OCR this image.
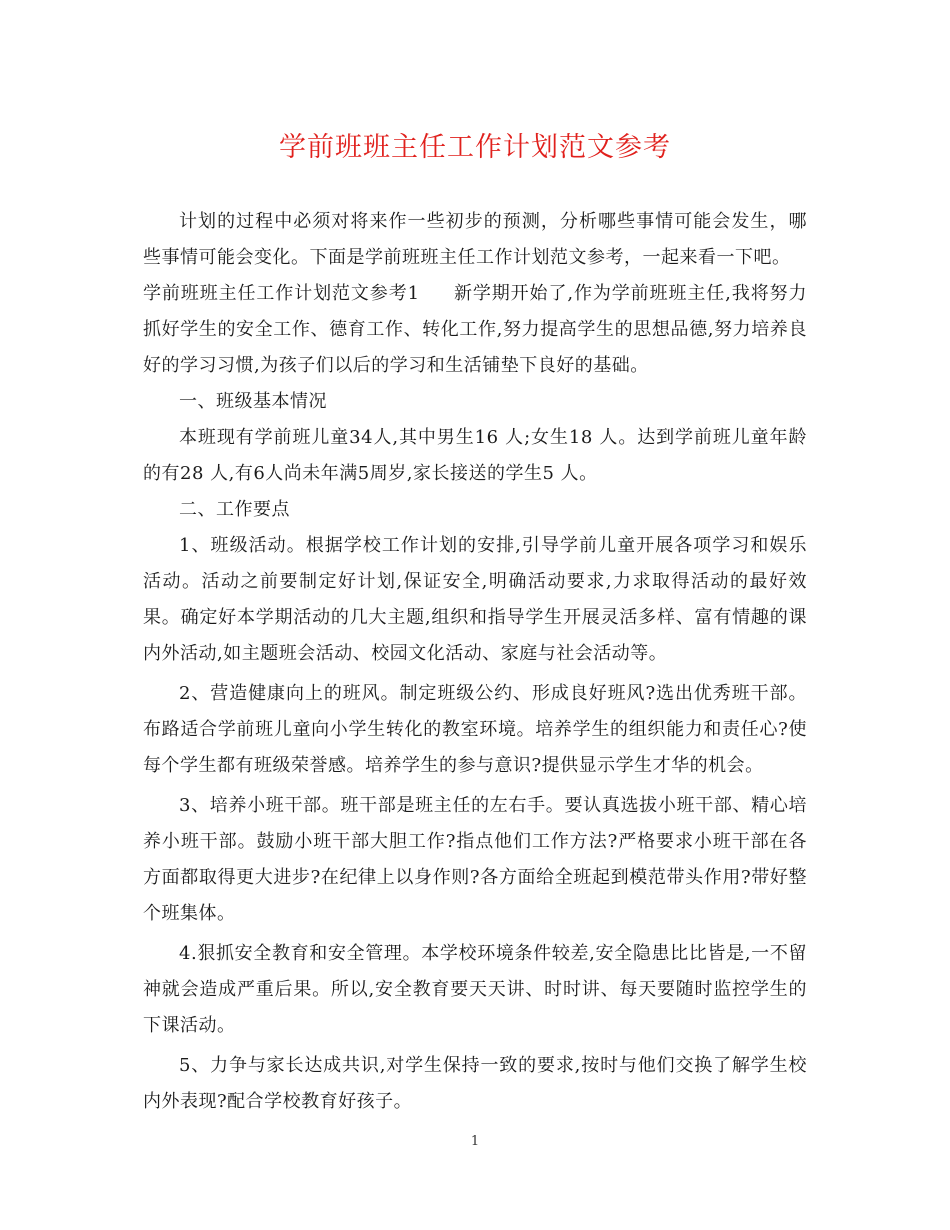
学前班班主任工作计划范文参考

计划的过程中必须对将来作一些初步的预测，分析哪些事情可能会发生，哪些事情可能会变化。下面是学前班班主任工作计划范文参考，一起来看一下吧。

学前班班主任工作计划范文参考1 新学期开始了,作为学前班班主任,我将努力抓好学生的安全工作、德育工作、转化工作,努力提高学生的思想品德,努力培养良好的学习习惯,为孩子们以后的学习和生活铺垫下良好的基础。

一、班级基本情况

本班现有学前班儿童34人,其中男生16 人;女生18 人。达到学前班儿童年龄的有28 人,有6人尚未年满5周岁,家长接送的学生5 人。

二、工作要点

1、班级活动。根据学校工作计划的安排,引导学前儿童开展各项学习和娱乐活动。活动之前要制定好计划,保证安全,明确活动要求,力求取得活动的最好效果。确定好本学期活动的几大主题,组织和指导学生开展灵活多样、富有情趣的课内外活动,如主题班会活动、校园文化活动、家庭与社会活动等。

2、营造健康向上的班风。制定班级公约、形成良好班风?选出优秀班干部。布路适合学前班儿童向小学生转化的教室环境。培养学生的组织能力和责任心?使每个学生都有班级荣誉感。培养学生的参与意识?提供显示学生才华的机会。

3、培养小班干部。班干部是班主任的左右手。要认真选拔小班干部、精心培养小班干部。鼓励小班干部大胆工作?指点他们工作方法?严格要求小班干部在各方面都取得更大进步?在纪律上以身作则?各方面给全班起到模范带头作用?带好整个班集体。

4.狠抓安全教育和安全管理。本学校环境条件较差,安全隐患比比皆是,一不留神就会造成严重后果。所以,安全教育要天天讲、时时讲、每天要随时监控学生的下课活动。

5、力争与家长达成共识,对学生保持一致的要求,按时与他们交换了解学生校内外表现?配合学校教育好孩子。

1
